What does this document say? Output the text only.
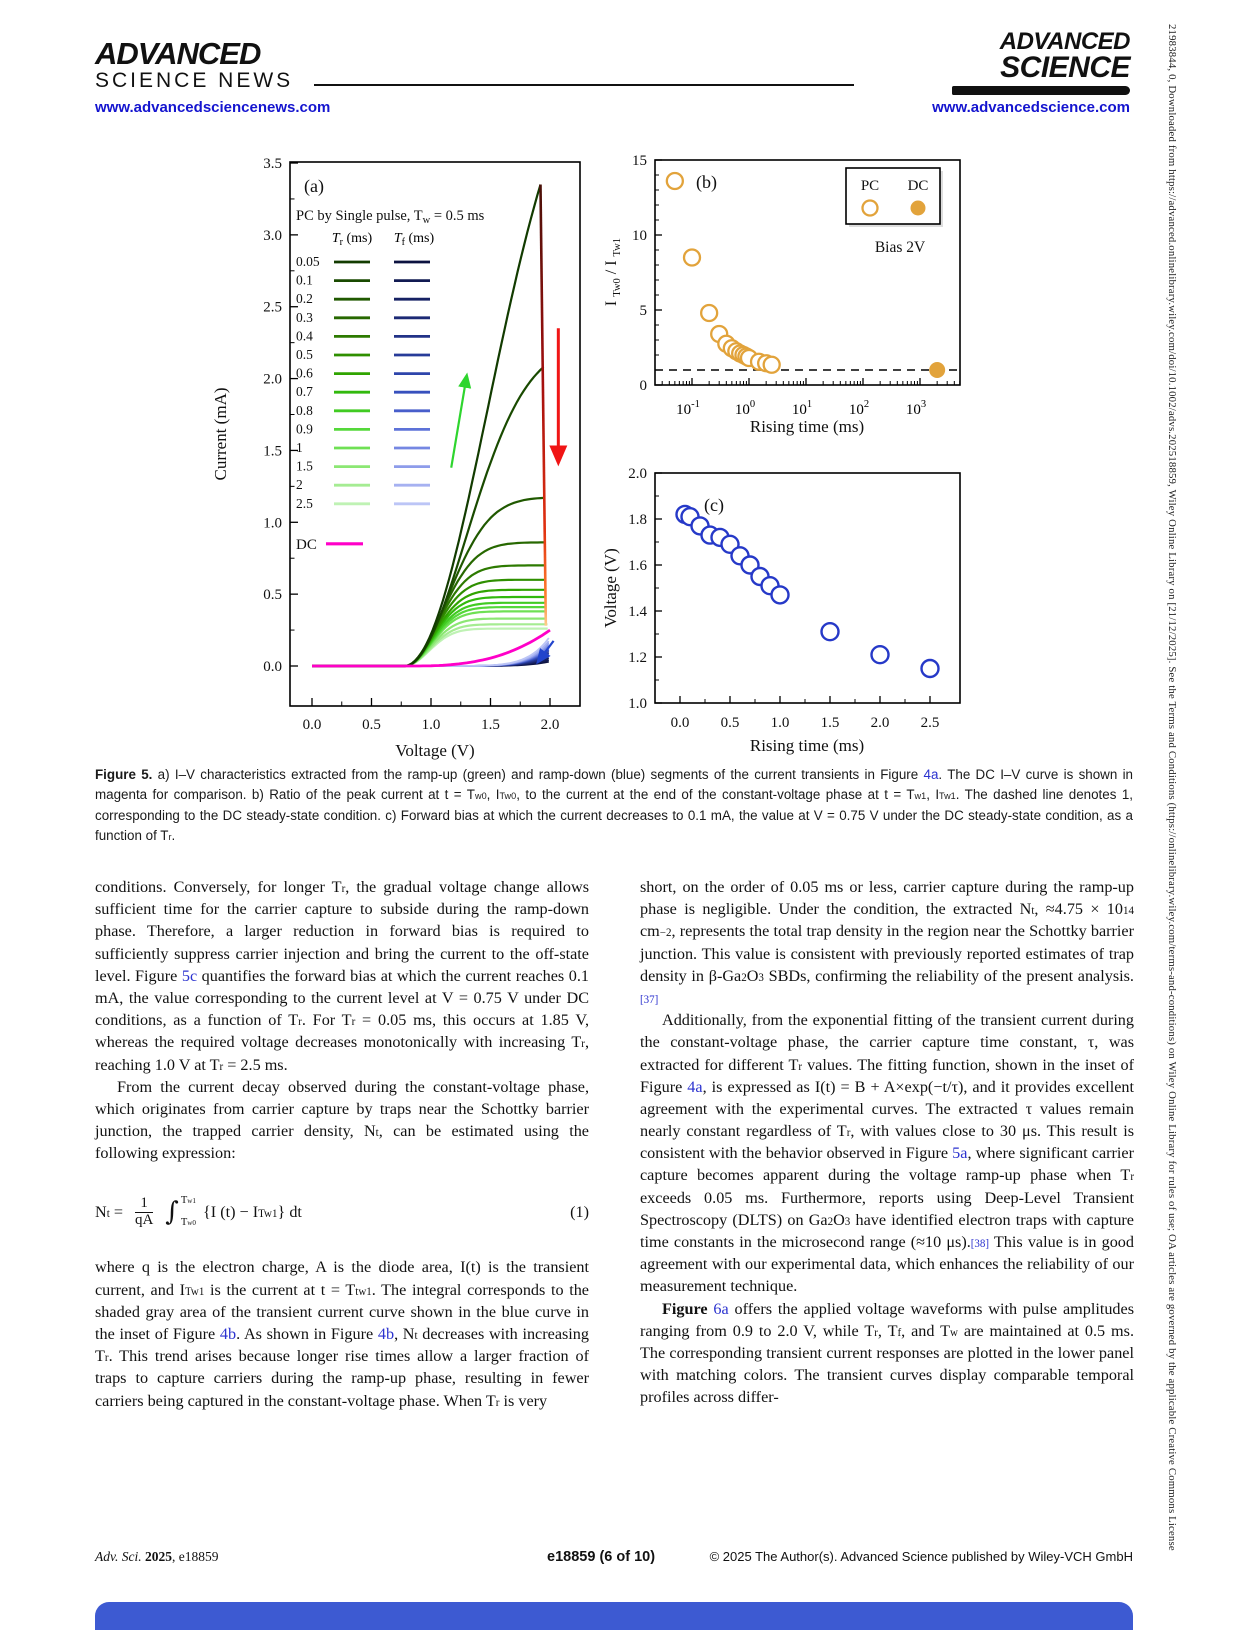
ADVANCED
SCIENCE NEWS
ADVANCED
SCIENCE
www.advancedsciencenews.com	www.advancedscience.com
0.0	0.5	1.0	1.5	2.0
0.0
0.5
1.0
1.5
2.0
2.5
3.0
3.5
Voltage (V)
Current (mA)
(a)
PC by Single pulse, $T_w = 0.5$ ms
$T_r$ (ms) $T_f$ (ms)
0.05
0.1
0.2
0.3
0.4
0.5
0.6
0.7
0.8
0.9
1
1.5
2
2.5
DC
0
5
10
15
$10^{-1}$ $10^0$ $10^1$ $10^2$ $10^3$
PC DC
Bias 2V
(b)
Rising time (ms)
I $_{Tw0}$ / I $_{Tw1}$
0.0 0.5 1.0 1.5 2.0 2.5
1.0
1.2
1.4
1.6
1.8
2.0
(c)
Rising time (ms)
Voltage (V)
Figure 5. a) I–V characteristics extracted from the ramp-up (green) and ramp-down (blue) segments of the current transients in Figure 4a. The DC I–V curve is shown in magenta for comparison. b) Ratio of the peak current at $t = T_{w0}$, $I_{Tw0}$, to the current at the end of the constant-voltage phase at $t = T_{w1}$, $I_{Tw1}$. The dashed line denotes 1, corresponding to the DC steady-state condition. c) Forward bias at which the current decreases to 0.1 mA, the value at V = 0.75 V under the DC steady-state condition, as a function of $T_r$.

conditions. Conversely, for longer $T_r$, the gradual voltage change allows sufficient time for the carrier capture to subside during the ramp-down phase. Therefore, a larger reduction in forward bias is required to sufficiently suppress carrier injection and bring the current to the off-state level. Figure 5c quantifies the forward bias at which the current reaches 0.1 mA, the value corresponding to the current level at V = 0.75 V under DC conditions, as a function of $T_r$. For $T_r = 0.05$ ms, this occurs at 1.85 V, whereas the required voltage decreases monotonically with increasing $T_r$, reaching 1.0 V at $T_r = 2.5$ ms.

From the current decay observed during the constant-voltage phase, which originates from carrier capture by traps near the Schottky barrier junction, the trapped carrier density, $N_t$, can be estimated using the following expression:

$N_t = \frac{1}{qA}$ ∫ $T_{w1}$
$T_{w0}$
{I $(t) - I_{Tw1}$} dt	(1)

where q is the electron charge, A is the diode area, I(t) is the transient current, and $I_{Tw1}$ is the current at $t = T_{tw1}$. The integral corresponds to the shaded gray area of the transient current curve shown in the blue curve in the inset of Figure 4b. As shown in Figure 4b, $N_t$ decreases with increasing $T_r$. This trend arises because longer rise times allow a larger fraction of traps to capture carriers during the ramp-up phase, resulting in fewer carriers being captured in the constant-voltage phase. When $T_r$ is very

short, on the order of 0.05 ms or less, carrier capture during the ramp-up phase is negligible. Under the condition, the extracted $N_t$, $\approx 4.75 \times 10^{14}$ $cm^{-2}$, represents the total trap density in the region near the Schottky barrier junction. This value is consistent with previously reported estimates of trap density in $\beta-Ga_2O_3$ SBDs, confirming the reliability of the present analysis.[37]

Additionally, from the exponential fitting of the transient current during the constant-voltage phase, the carrier capture time constant, τ, was extracted for different $T_r$ values. The fitting function, shown in the inset of Figure 4a, is expressed as I(t) = B + A×exp(−t/τ), and it provides excellent agreement with the experimental curves. The extracted τ values remain nearly constant regardless of $T_r$, with values close to 30 μs. This result is consistent with the behavior observed in Figure 5a, where significant carrier capture becomes apparent during the voltage ramp-up phase when $T_r$ exceeds 0.05 ms. Furthermore, reports using Deep-Level Transient Spectroscopy (DLTS) on $Ga_2O_3$ have identified electron traps with capture time constants in the microsecond range (≈10 μs).[38] This value is in good agreement with our experimental data, which enhances the reliability of our measurement technique.

Figure 6a offers the applied voltage waveforms with pulse amplitudes ranging from 0.9 to 2.0 V, while $T_r$, $T_f$, and $T_w$ are maintained at 0.5 ms. The corresponding transient current responses are plotted in the lower panel with matching colors. The transient curves display comparable temporal profiles across differ-

Adv. Sci. 2025, e18859	e18859 (6 of 10)	© 2025 The Author(s). Advanced Science published by Wiley-VCH GmbH
21983844, 0, Downloaded from https://advanced.onlinelibrary.wiley.com/doi/10.1002/advs.202518859, Wiley Online Library on [21/12/2025]. See the Terms and Conditions (https://onlinelibrary.wiley.com/terms-and-conditions) on Wiley Online Library for rules of use; OA articles are governed by the applicable Creative Commons License
